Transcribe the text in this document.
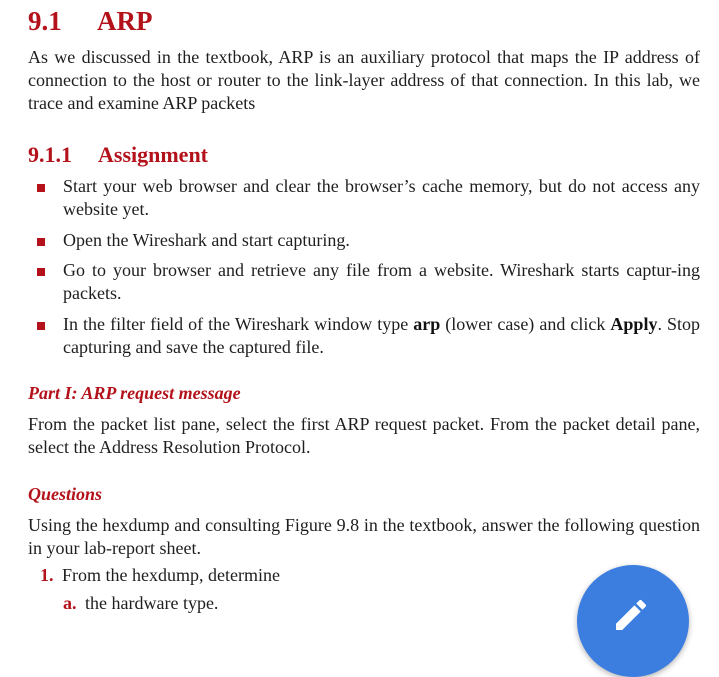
9.1 ARP
As we discussed in the textbook, ARP is an auxiliary protocol that maps the IP address of connection to the host or router to the link-layer address of that connection. In this lab, we trace and examine ARP packets
9.1.1 Assignment
Start your web browser and clear the browser’s cache memory, but do not access any website yet.
Open the Wireshark and start capturing.
Go to your browser and retrieve any file from a website. Wireshark starts captur-ing packets.
In the filter field of the Wireshark window type arp (lower case) and click Apply. Stop capturing and save the captured file.
Part I: ARP request message
From the packet list pane, select the first ARP request packet. From the packet detail pane, select the Address Resolution Protocol.
Questions
Using the hexdump and consulting Figure 9.8 in the textbook, answer the following question in your lab-report sheet.
1. From the hexdump, determine
a. the hardware type.
